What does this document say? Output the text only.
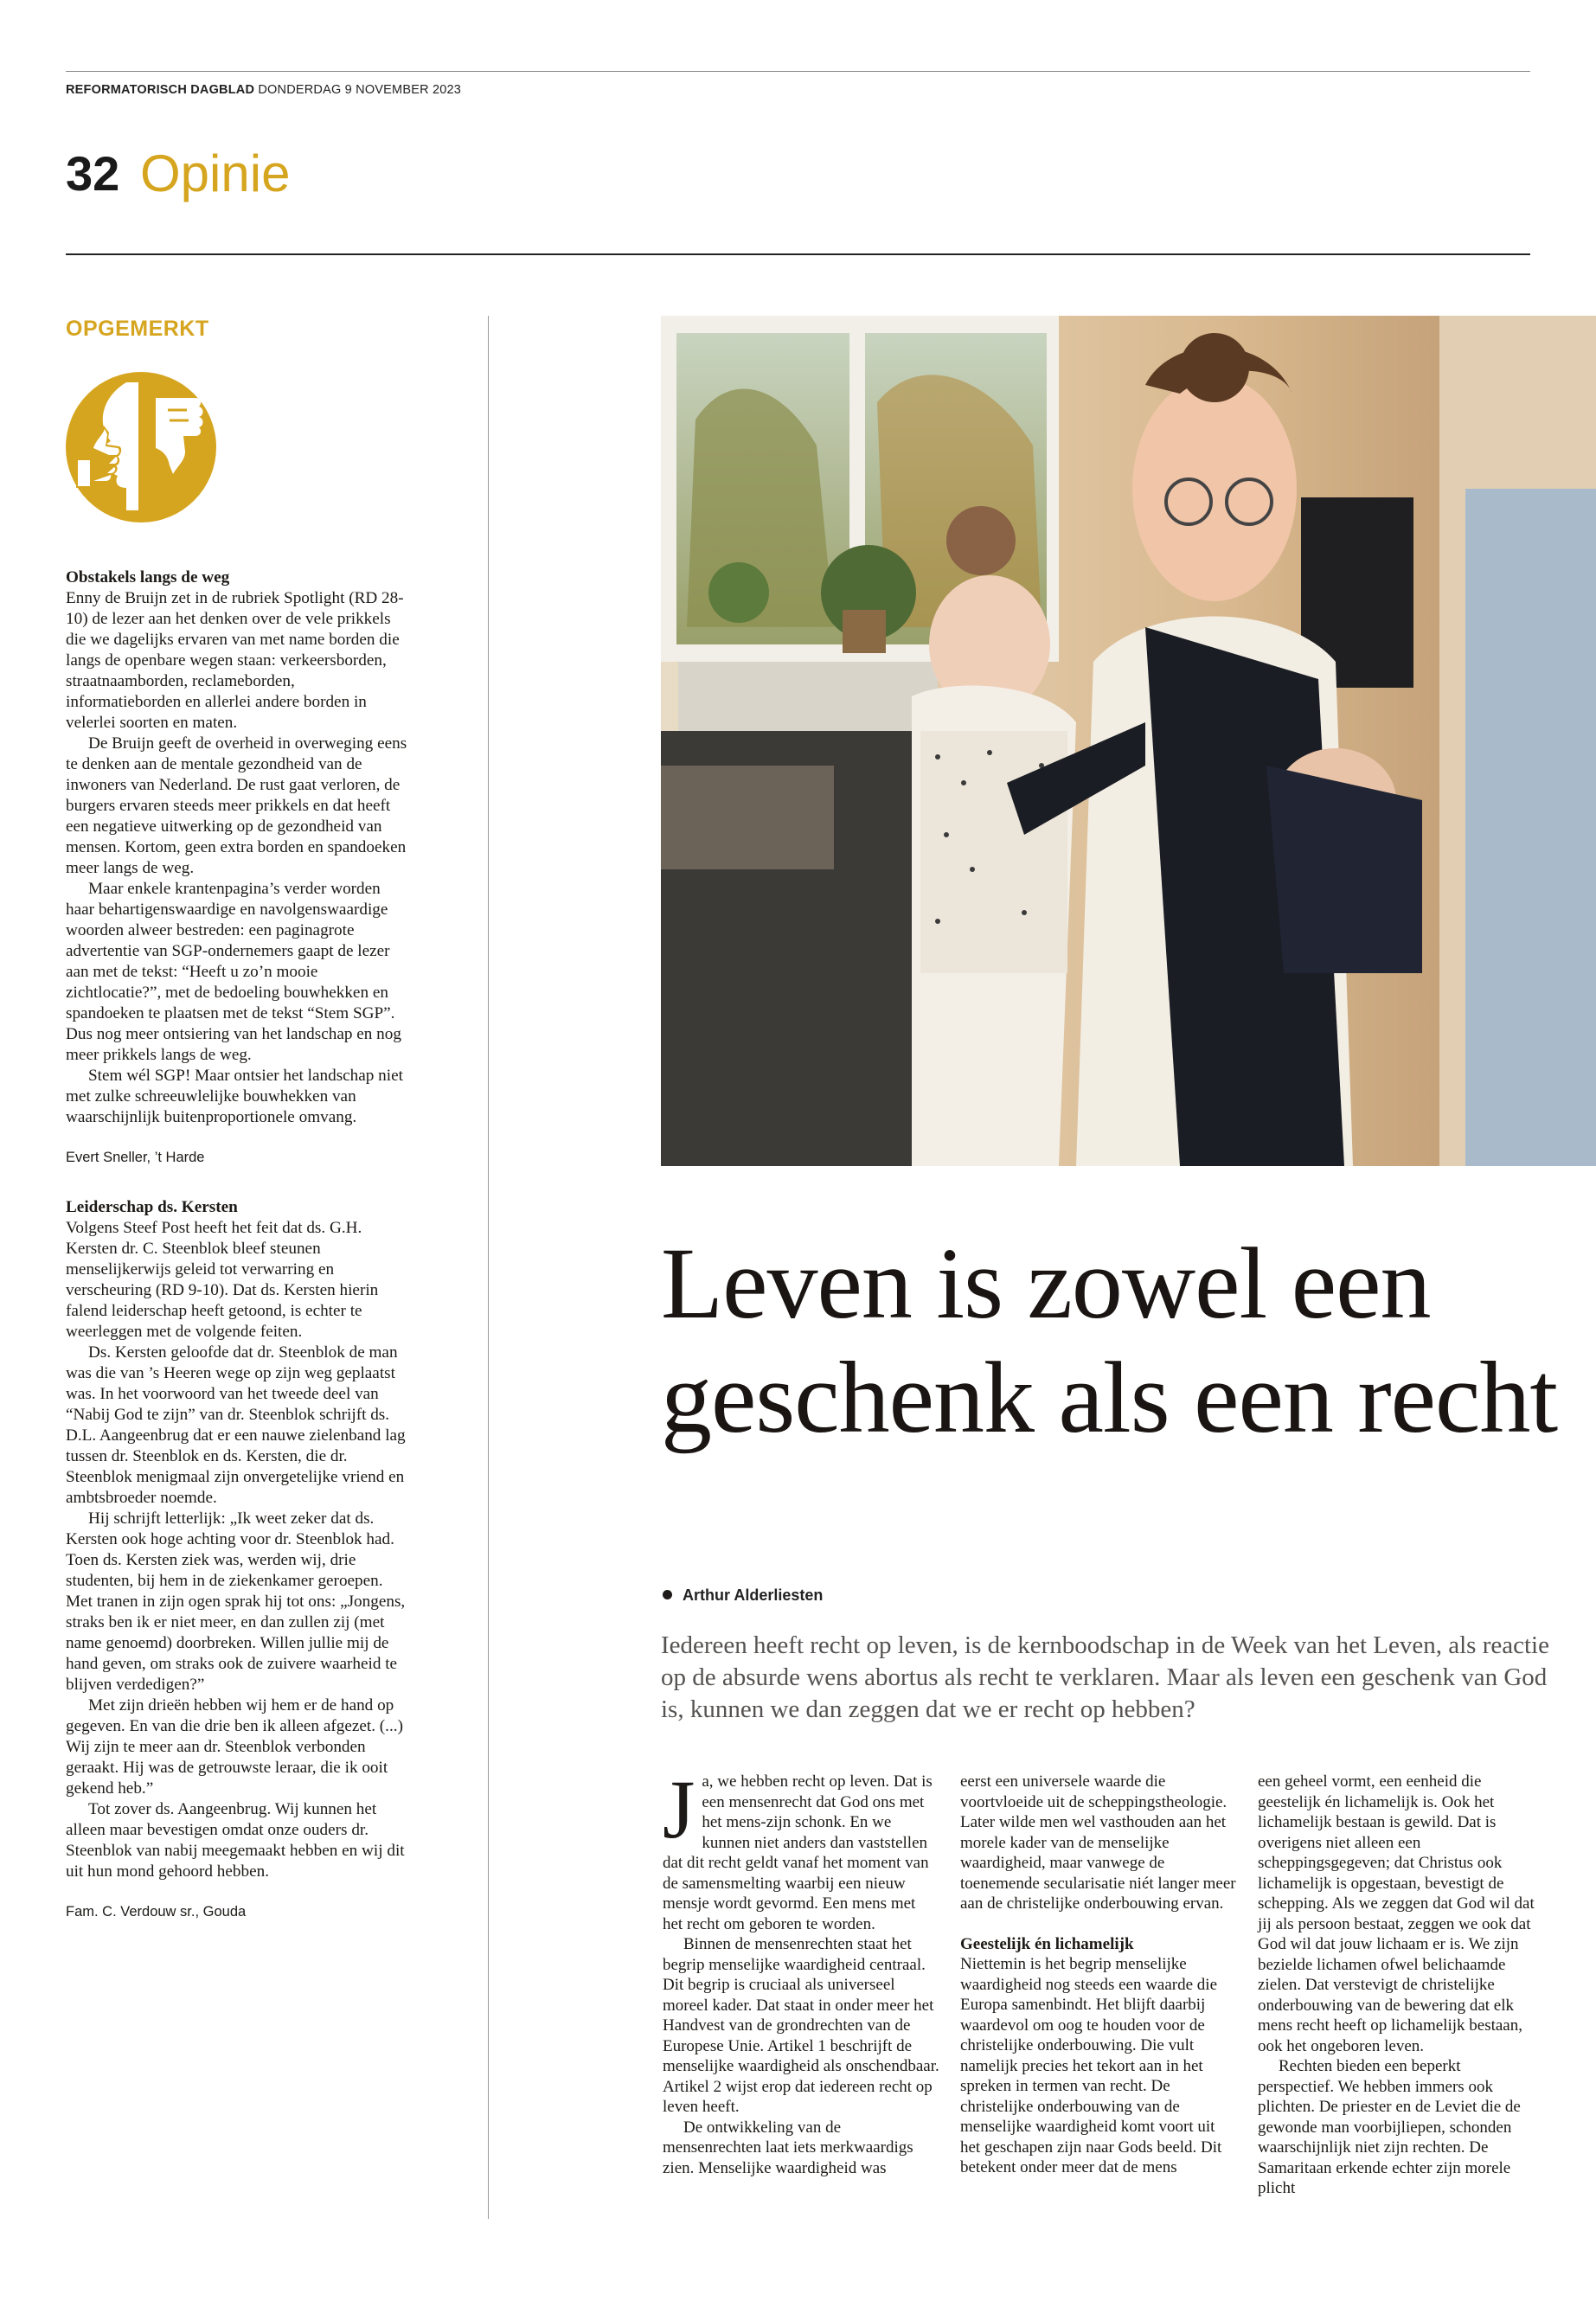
REFORMATORISCH DAGBLAD DONDERDAG 9 NOVEMBER 2023
32 Opinie
OPGEMERKT

Obstakels langs de weg

Enny de Bruijn zet in de rubriek Spotlight (RD 28-10) de lezer aan het denken over de vele prikkels die we dagelijks ervaren van met name borden die langs de openbare wegen staan: verkeersborden, straatnaamborden, reclameborden, informatieborden en allerlei andere borden in velerlei soorten en maten.

De Bruijn geeft de overheid in overweging eens te denken aan de mentale gezondheid van de inwoners van Nederland. De rust gaat verloren, de burgers ervaren steeds meer prikkels en dat heeft een negatieve uitwerking op de gezondheid van mensen. Kortom, geen extra borden en spandoeken meer langs de weg.

Maar enkele krantenpagina’s verder worden haar behartigenswaardige en navolgenswaardige woorden alweer bestreden: een paginagrote advertentie van SGP-ondernemers gaapt de lezer aan met de tekst: “Heeft u zo’n mooie zichtlocatie?”, met de bedoeling bouwhekken en spandoeken te plaatsen met de tekst “Stem SGP”. Dus nog meer ontsiering van het landschap en nog meer prikkels langs de weg.

Stem wél SGP! Maar ontsier het landschap niet met zulke schreeuwlelijke bouwhekken van waarschijnlijk buitenproportionele omvang.

Evert Sneller, ’t Harde

Leiderschap ds. Kersten

Volgens Steef Post heeft het feit dat ds. G.H. Kersten dr. C. Steenblok bleef steunen menselijkerwijs geleid tot verwarring en verscheuring (RD 9-10). Dat ds. Kersten hierin falend leiderschap heeft getoond, is echter te weerleggen met de volgende feiten.

Ds. Kersten geloofde dat dr. Steenblok de man was die van ’s Heeren wege op zijn weg geplaatst was. In het voorwoord van het tweede deel van “Nabij God te zijn” van dr. Steenblok schrijft ds. D.L. Aangeenbrug dat er een nauwe zielenband lag tussen dr. Steenblok en ds. Kersten, die dr. Steenblok menigmaal zijn onvergetelijke vriend en ambtsbroeder noemde.

Hij schrijft letterlijk: „Ik weet zeker dat ds. Kersten ook hoge achting voor dr. Steenblok had. Toen ds. Kersten ziek was, werden wij, drie studenten, bij hem in de ziekenkamer geroepen. Met tranen in zijn ogen sprak hij tot ons: „Jongens, straks ben ik er niet meer, en dan zullen zij (met name genoemd) doorbreken. Willen jullie mij de hand geven, om straks ook de zuivere waarheid te blijven verdedigen?”

Met zijn drieën hebben wij hem er de hand op gegeven. En van die drie ben ik alleen afgezet. (...) Wij zijn te meer aan dr. Steenblok verbonden geraakt. Hij was de getrouwste leraar, die ik ooit gekend heb.”

Tot zover ds. Aangeenbrug. Wij kunnen het alleen maar bevestigen omdat onze ouders dr. Steenblok van nabij meegemaakt hebben en wij dit uit hun mond gehoord hebben.

Fam. C. Verdouw sr., Gouda

Leven is zowel een geschenk als een recht
Arthur Alderliesten
Iedereen heeft recht op leven, is de kernboodschap in de Week van het Leven, als reactie op de absurde wens abortus als recht te verklaren. Maar als leven een geschenk van God is, kunnen we dan zeggen dat we er recht op hebben?

Ja, we hebben recht op leven. Dat is een mensenrecht dat God ons met het mens-zijn schonk. En we kunnen niet anders dan vaststellen dat dit recht geldt vanaf het moment van de samensmelting waarbij een nieuw mensje wordt gevormd. Een mens met het recht om geboren te worden.

Binnen de mensenrechten staat het begrip menselijke waardigheid centraal. Dit begrip is cruciaal als universeel moreel kader. Dat staat in onder meer het Handvest van de grondrechten van de Europese Unie. Artikel 1 beschrijft de menselijke waardigheid als onschendbaar. Artikel 2 wijst erop dat iedereen recht op leven heeft.

De ontwikkeling van de mensenrechten laat iets merkwaardigs zien. Menselijke waardigheid was

eerst een universele waarde die voortvloeide uit de scheppingstheologie. Later wilde men wel vasthouden aan het morele kader van de menselijke waardigheid, maar vanwege de toenemende secularisatie niét langer meer aan de christelijke onderbouwing ervan.

Geestelijk én lichamelijk

Niettemin is het begrip menselijke waardigheid nog steeds een waarde die Europa samenbindt. Het blijft daarbij waardevol om oog te houden voor de christelijke onderbouwing. Die vult namelijk precies het tekort aan in het spreken in termen van recht. De christelijke onderbouwing van de menselijke waardigheid komt voort uit het geschapen zijn naar Gods beeld. Dit betekent onder meer dat de mens

een geheel vormt, een eenheid die geestelijk én lichamelijk is. Ook het lichamelijk bestaan is gewild. Dat is overigens niet alleen een scheppingsgegeven; dat Christus ook lichamelijk is opgestaan, bevestigt de schepping. Als we zeggen dat God wil dat jij als persoon bestaat, zeggen we ook dat God wil dat jouw lichaam er is. We zijn bezielde lichamen ofwel belichaamde zielen. Dat verstevigt de christelijke onderbouwing van de bewering dat elk mens recht heeft op lichamelijk bestaan, ook het ongeboren leven.

Rechten bieden een beperkt perspectief. We hebben immers ook plichten. De priester en de Leviet die de gewonde man voorbijliepen, schonden waarschijnlijk niet zijn rechten. De Samaritaan erkende echter zijn morele plicht
